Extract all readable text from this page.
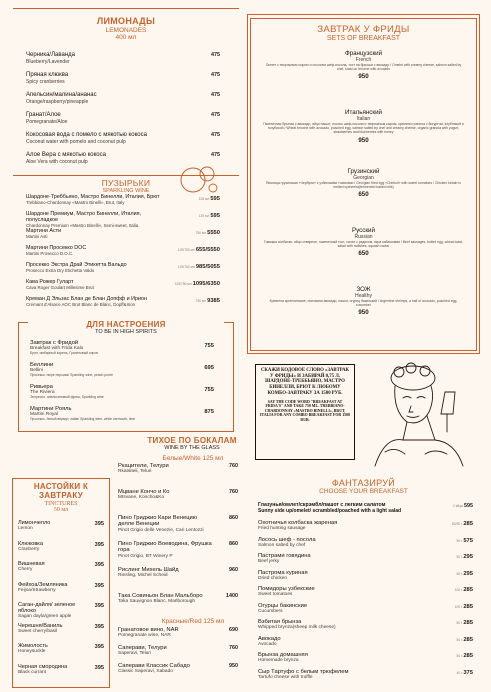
ЛИМОНАДЫ
LEMONADES
400 мл
Черника/Лаванда
Blueberry/Lavender
475
Пряная клюква
Spicy cranberries
475
Апельсин/малина/ананас
Orange/raspberry/pineapple
475
Гранат/Алое
Pomegranate/Aloe
475
Кокосовая вода с помело с мякотью кокоса
Coconut water with pomelo and coconut pulp
475
Алое Вера с мякотью кокоса
Aloe Vera with coconut pulp
475
ПУЗЫРЬКИ
SPARKLING WINE
Шардоне-Треббьяно, Мастро Бинелли, Италия, Брют
Trebbiano-Chardonnay «Mastro Binelli», Brut, Italy
125 мл595
Шардоне Премиум, Мастро Бинелли, Италия, полусладкое
Chardonnay Premium «Mastro Binelli», Semi-sweet, Italia
125 мл595
Мартини Асти
Martini Asti
750 мл5550
Мартини Просекко DOC
Martini Prosecco D.O.C.
125/750 мл655/5550
Просекко Экстра Драй Этикетта Вальдо
Prosecco Extra Dry Etichetta Valdo
125/750 мл985/5055
Кава Рожер Гуларт
Cava Roger Goulart Millesime Brut
125/750 мл1095/6350
Креман Д Эльзас Блан де Блан Допфф и Ирион
Cremant d'Alsace AOC Brut Blanc de Blanc, Dopff&Irion
750 мл9385
ДЛЯ НАСТРОЕНИЯ
TO BE IN HIGH SPIRITS
Завтрак с Фридой
Breakfast with Frida Kalo
Брют, имбирный корень, Гранатовый сироп
755
Беллини
Bellini
Просекко, пюре персика/ Sparkling wine, peach purée
695
Ривьера
The Riviera
Эспрессо, апельсиновый фреш, Sparkling wine
755
Мартини Рояль
Martini Royal
Просекко, белый вермут, лайм/ Sparkling wine, white vermouth, lime
875
ТИХОЕ ПО БОКАЛАМ
WINE BY THE GLASS
Белые/White 125 мл
Ркацители, Телури
Rkatsiteli, Teluri
760
Мцване Кончо и Ко
Mtsvane, Koncho&Ko
760
Пино Гриджио Кари Венецию делле Венеции
Pinot Grigio delle Venezie, Cari Lentozzi
860
Пино Гриджио Воеводина, Фрушка гора
Pinot Grigio, BT Winery P
860
Рислинг Михель Шайд
Riesling, Michel Scheid
960
Така Совиньон Блан Мальборо
Taka Sauvignon Blanc, Marlborough
1400
Красные/Red 125 мл
Гранатовое вино, NAR
Pomegranate wine, NAR
690
Саперави, Телури
Saperavi, Teluri
760
Саперави Классик Сабадо
Classic Saperavi, Sabado
950
НАСТОЙКИ К ЗАВТРАКУ
TINCTURES
50 мл
Лимончелло
Lemon
395
Клюковка
Cranberry
395
Вишневая
Cherry
395
Фейхоа/Земляника
Feijoa/Strawberry
395
Саган-дайля/ зеленое яблоко
Sagan dayla/green apple
395
Черешня/Ваниль
Sweet cherry/basil
395
Жимолость
Honeysuckle
395
Черная смородина
Black currant
395
ЗАВТРАК У ФРИДЫ
SETS OF BREAKFAST
Французский
French
Омлет с творожным сыром и лососем шеф-посола, тост на бриоши с авокадо / Omelet with creamy cheese, salmon salted by chef, toast on brioche with avocado
950
Итальянский
Italian
Пшеничная брынза с авокадо, яйцо пашот, лосось шеф-посола и творожным сыром, кремини гранола с йогуртом, клубникой и голубикой / Wheat brioche with avocado, poached egg, salmon salted by chef and creamy cheese, organic granola with yogurt, strawberries and blueberries with honey
950
Грузинский
Georgian
Яичница грузинская «Чербули» с узбекскими томатами / Georgian fried egg «Chirbuli» with sweet tomatoes / Chicken kebab in melted cycheeha(fermented baked milk)
650
Русский
Russian
Говяжьи колбаски, яйцо отварное, пшеничный тост, салат с редисом, икра кабачковая / Beef sausages, boiled egg, wheat toast, salad with radishes, squash caviar
650
ЗОЖ
Healthy
Креветки аргентинские, половина авокадо, пашот, огурец бакинский / Argentine shrimps, a half of avocado, poached egg, cucumber
950
СКАЖИ КОДОВОЕ СЛОВО «ЗАВТРАК У ФРИДЫ» И ЗАБИРАЙ 0,75 Л. ШАРДОНЕ-ТРЕББЬЯНО, МАСТРО БИНЕЛЛИ, БРЮТ К ЛЮБОМУ КОМБО-ЗАВТРАКУ ЗА 1500 РУБ.
SAY THE CODE WORD "BREAKFAST AT FRIDA'S" AND TAKE 750 ML. TREBBIANO-CHARDONNAY «MASTRO BINELLI», BRUT, ITALIA FOR ANY COMBO BREAKFAST FOR 1500 RUB.
ФАНТАЗИРУЙ
CHOOSE YOUR BREAKFAST
Глазунья/омлет/скрэмбл/пашот с легким салатом
Sunny side up/omelet/ scrambled/poached with a light salad
2 яйца595
Охотничья колбаска жареная
Fried hunting sausage
60/30 г285
Лосось шеф - посола
Salmon salted by chef
50 г575
Пастрами говядина
Beef jerky
50 г295
Пастрома куриная
Dried chicken
50 г295
Помидоры узбекские
Sweet tomatoes
100 г285
Огурцы бакинские
Cucumbers
100 г285
Взбитая брынза
Whipped brynza(sheep milk cheese)
50 г285
Авокадо
Avocado
50 г285
Брынза домашняя
Homemade brynza
50 г285
Сыр Тартуфо с белым трюфелем
Tartufo cheese with truffle
40 г375
